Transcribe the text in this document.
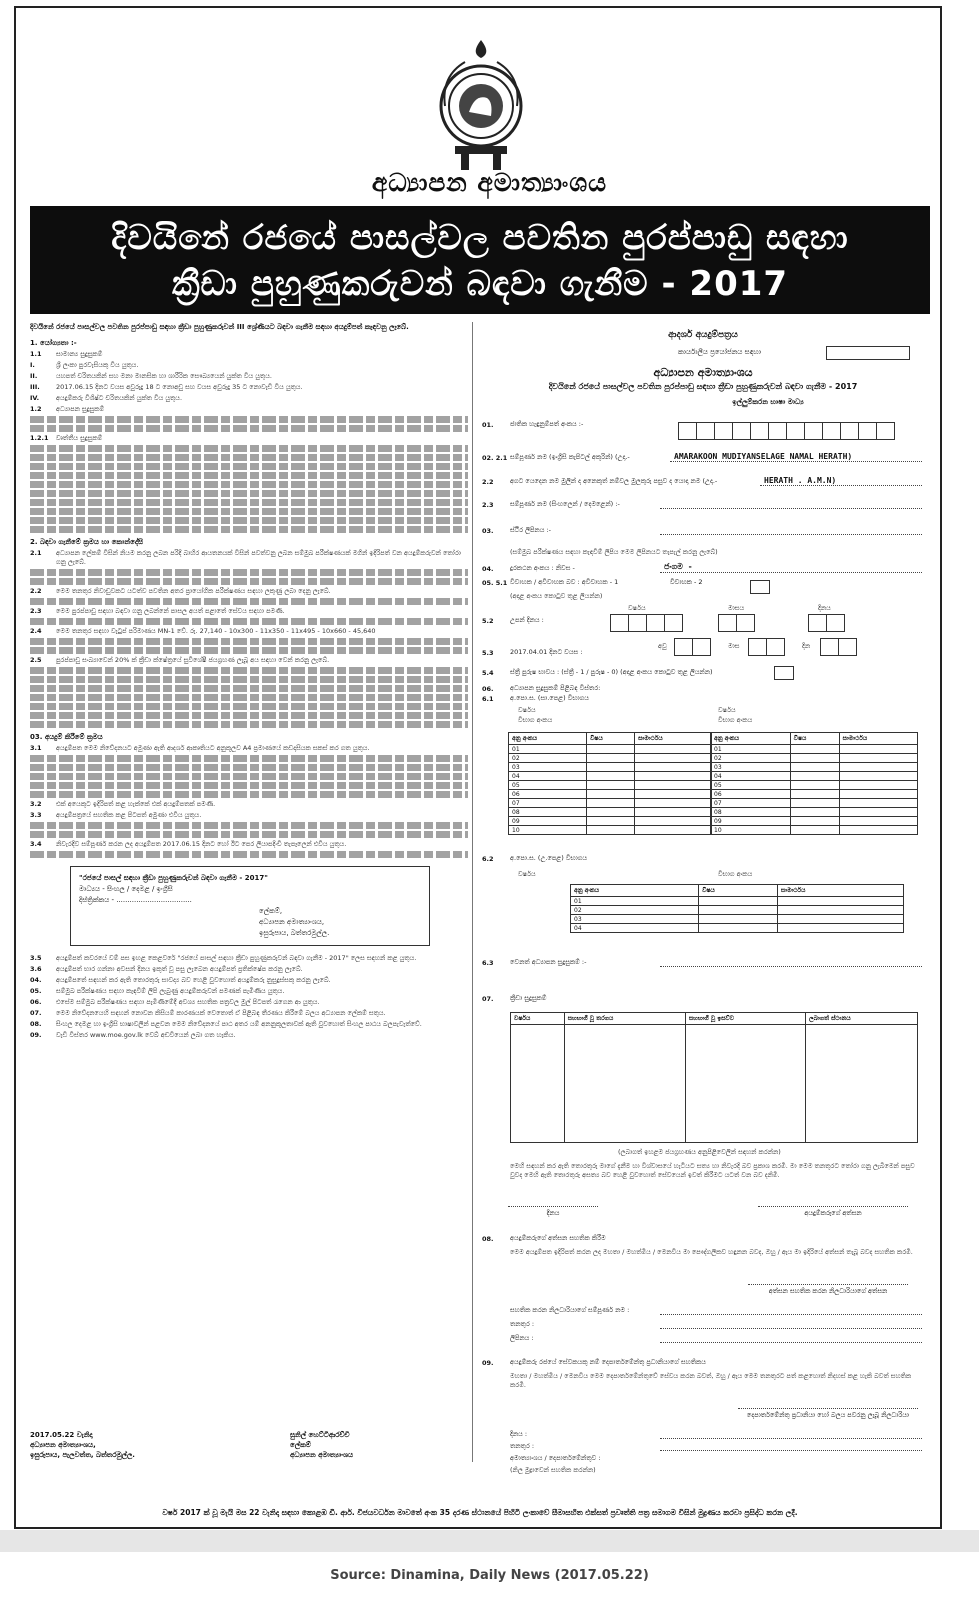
අධ්‍යාපන අමාත්‍යාංශය
දිවයිනේ රජයේ පාසල්වල පවතින පුරප්පාඩු සඳහා
ක්‍රීඩා පුහුණුකරුවන් බඳවා ගැනීම - 2017
දිවයිනේ රජයේ පාසල්වල පවතින පුරප්පාඩු සඳහා ක්‍රීඩා පුහුණුකරුවන් III ශ්‍රේණියට බඳවා ගැනීම සඳහා අයදුම්පත් කැඳවනු ලැබේ.
1. යෝග්‍යතා :-
1.1	සාමාන්‍ය සුදුසුකම්
I.	ශ්‍රී ලංකා පුරවැසියකු විය යුතුය.
II.	යහපත් චරිතයකින් සහ මනා මානසික හා ශාරීරික සෞඛ්‍යයෙන් යුක්ත විය යුතුය.
III.	2017.06.15 දිනට වයස අවුරුදු 18 ට නොඅඩු සහ වයස අවුරුදු 35 ට නොවැඩි විය යුතුය.
IV.	අයදුම්කරු විශිෂ්ට චරිතයකින් යුක්ත විය යුතුය.
1.2	අධ්‍යාපන සුදුසුකම්
1.2.1	වෘත්තීය සුදුසුකම්
2. බඳවා ගැනීමේ ක්‍රමය හා කොන්දේසි
2.1	අධ්‍යාපන ලේකම් විසින් නියම කරනු ලබන පරිදි බාහිර ආයතනයක් විසින් පවත්වනු ලබන සම්මුඛ පරීක්ෂණයක් මගින් ඉදිරිපත් වන අයදුම්කරුවන් තෝරා ගනු ලැබේ.
2.2	මෙම තනතුර නිවාඩුවකට යටත්ව පවතින අතර ප්‍රායෝගික පරීක්ෂණය සඳහා ලකුණු ලබා දෙනු ලැබේ.
2.3	මෙම පුරප්පාඩු සඳහා බඳවා ගනු ලබන්නේ පාසල අයත් පළාතේ සේවය සඳහා පමණි.
2.4	මෙම තනතුර සඳහා වැටුප් පරිමාණය MN-1 වේ. රු. 27,140 - 10x300 - 11x350 - 11x495 - 10x660 - 45,640
2.5	පුරප්පාඩු සංඛ්‍යාවෙන් 20% ක් ක්‍රීඩා ක්ෂේත්‍රයේ සුවිශේෂී ජයග්‍රහණ ලැබූ අය සඳහා වෙන් කරනු ලැබේ.
03. අයදුම් කිරීමේ ක්‍රමය
3.1	අයදුම්පත මෙම නිවේදනයට අමුණා ඇති ආදර්ශ ආකෘතියට අනුකූලව A4 ප්‍රමාණයේ කඩදාසියක සකස් කර ගත යුතුය.
3.2	එක් අයෙකුට ඉදිරිපත් කළ හැක්කේ එක් අයදුම්පතක් පමණි.
3.3	අයදුම්පත්‍රයේ සහතික කළ පිටපත් අමුණා එවිය යුතුය.
3.4	නිවැරදිව සම්පූර්ණ කරන ලද අයදුම්පත 2017.06.15 දිනට හෝ ඊට පෙර ලියාපදිංචි තැපෑලෙන් එවිය යුතුය.
"රජයේ පාසල් සඳහා ක්‍රීඩා පුහුණුකරුවන් බඳවා ගැනීම - 2017"
මාධ්‍යය - සිංහල / දෙමළ / ඉංග්‍රීසි
දිස්ත්‍රික්කය - ..................................
ලේකම්,
අධ්‍යාපන අමාත්‍යාංශය,
ඉසුරුපාය, බත්තරමුල්ල.
3.5	අයදුම්පත් කවරයේ වම් පස ඉහළ කෙළවරේ "රජයේ පාසල් සඳහා ක්‍රීඩා පුහුණුකරුවන් බඳවා ගැනීම - 2017" ලෙස සඳහන් කළ යුතුය.
3.6	අයදුම්පත් භාර ගන්නා අවසන් දිනය ඉකුත් වූ පසු ලැබෙන අයදුම්පත් ප්‍රතික්ෂේප කරනු ලැබේ.
04.	අයදුම්පතේ සඳහන් කර ඇති තොරතුරු සාවද්‍ය බව හෙළි වුවහොත් අයදුම්කරු නුසුදුස්සකු කරනු ලැබේ.
05.	සම්මුඛ පරීක්ෂණය සඳහා කැඳවීම් ලිපි ලැබුණු අයදුම්කරුවන් පමණක් පැමිණිය යුතුය.
06.	එසේම සම්මුඛ පරීක්ෂණය සඳහා පැමිණීමේදී අවශ්‍ය සහතික පත්‍රවල මුල් පිටපත් රැගෙන ආ යුතුය.
07.	මෙම නිවේදනයෙහි සඳහන් නොවන කිසියම් කාරණයක් වෙතොත් ඒ පිළිබඳ තීරණය කිරීමේ බලය අධ්‍යාපන ලේකම් සතුය.
08.	සිංහල දෙමළ හා ඉංග්‍රීසි භාෂාවලින් පළවන මෙම නිවේදනයේ පාඨ අතර යම් අනනුකූලතාවක් ඇති වුවහොත් සිංහල පාඨය බලපැවැත්වේ.
09.	වැඩි විස්තර www.moe.gov.lk වෙබ් අඩවියෙන් ලබා ගත හැකිය.
2017.05.22 වැනිදා
අධ්‍යාපන අමාත්‍යාංශය,
ඉසුරුපාය, පැලවත්ත, බත්තරමුල්ල.
සුනිල් හෙට්ටිආරච්චි
ලේකම්
අධ්‍යාපන අමාත්‍යාංශය
ආදර්ශ අයදුම්පත්‍රය
කාර්යාලීය ප්‍රයෝජනය සඳහා
අධ්‍යාපන අමාත්‍යාංශය
දිවයිනේ රජයේ පාසල්වල පවතින පුරප්පාඩු සඳහා ක්‍රීඩා පුහුණුකරුවන් බඳවා ගැනීම - 2017
ඉල්ලුම්කරන භාෂා මාධ්‍ය
01.	ජාතික හැඳුනුම්පත් අංකය :-
02. 2.1 සම්පූර්ණ නම (ඉංග්‍රීසි කැපිටල් අකුරින්) (උදා.-	AMARAKOON MUDIYANSELAGE NAMAL HERATH)
2.2	අගට යෙදෙන නම මුලින් ද අනෙකුත් නම්වල මුලකුරු පසුව ද යොදා නම (උදා.-	HERATH . A.M.N)
2.3	සම්පූර්ණ නම (සිංහලෙන් / දෙමළෙන්) :-
03.	ස්ථිර ලිපිනය :-
(සම්මුඛ පරීක්ෂණය සඳහා කැඳවීම් ලිපිය මෙම ලිපිනයට තැපැල් කරනු ලැබේ)
04.	දුරකථන අංකය : නිවස -	ජංගම -
05. 5.1 විවාහක / අවිවාහක බව : අවිවාහක - 1	විවාහක - 2
(අදාළ අංකය කොටුව තුළ ලියන්න)
5.2	උපන් දිනය :
වර්ෂය	මාසය	දිනය
5.3	2017.04.01 දිනට වයස :
අවු	මාස	දින
5.4	ස්ත්‍රී පුරුෂ භාවය : (ස්ත්‍රී - 1 / පුරුෂ - 0) (අදාළ අංකය කොටුව තුළ ලියන්න)
06.	අධ්‍යාපන සුදුසුකම් පිළිබඳ විස්තර:
6.1	අ.පො.ස. (සා.පෙළ) විභාගය
වර්ෂය
විභාග අංකය
වර්ෂය
විභාග අංකය
අනු අංකය	විෂය	සාමාර්ථය
01		
02		
03		
04		
05		
06		
07		
08		
09		
10		
අනු අංකය	විෂය	සාමාර්ථය
01		
02		
03		
04		
05		
06		
07		
08		
09		
10		
6.2	අ.පො.ස. (උ.පෙළ) විභාගය
වර්ෂය	විභාග අංකය
අනු අංකය	විෂය	සාමාර්ථය
01		
02		
03		
04		
6.3	වෙනත් අධ්‍යාපන සුදුසුකම් :-
07.	ක්‍රීඩා සුදුසුකම්
වර්ෂය	සහභාගී වූ තරගය	සහභාගී වූ ඉසව්ව	ලබාගත් ස්ථානය

(ලබාගත් ඉහළම ජයග්‍රහණය අනුපිළිවෙලින් සඳහන් කරන්න)
මෙහි සඳහන් කර ඇති තොරතුරු මාගේ දැනීම හා විශ්වාසයේ හැටියට සත්‍ය හා නිවැරදි බව ප්‍රකාශ කරමි. මා මෙම තනතුරට තෝරා ගනු ලැබීමෙන් පසුව වුවද මෙහි ඇති තොරතුරු අසත්‍ය බව හෙළි වුවහොත් සේවයෙන් ඉවත් කිරීමට යටත් වන බව දනිමි.
දිනය	අයදුම්කරුගේ අත්සන
08.	අයදුම්කරුගේ අත්සන සහතික කිරීම
මෙම අයදුම්පත ඉදිරිපත් කරන ලද මහතා / මහත්මිය / මෙනවිය මා පෞද්ගලිකව හඳුනන බවද, ඔහු / ඇය මා ඉදිරියේ අත්සන් තැබූ බවද සහතික කරමි.
අත්සන සහතික කරන නිලධාරියාගේ අත්සන
සහතික කරන නිලධාරියාගේ සම්පූර්ණ නම :
තනතුර :
ලිපිනය :
09.	අයදුම්කරු රජයේ සේවකයකු නම් දෙපාර්තමේන්තු ප්‍රධානියාගේ සහතිකය
මහතා / මහත්මිය / මෙනවිය මෙම දෙපාර්තමේන්තුවේ සේවය කරන බවත්, ඔහු / ඇය මෙම තනතුරට පත් කළහොත් නිදහස් කළ හැකි බවත් සහතික කරමි.
දෙපාර්තමේන්තු ප්‍රධානියා හෝ බලය පවරනු ලැබූ නිලධාරියා
දිනය :
තනතුර :
අමාත්‍යාංශය / දෙපාර්තමේන්තුව :
(නිල මුද්‍රාවෙන් සහතික කරන්න)
වර්ෂ 2017 ක් වූ මැයි මස 22 වැනිදා සඳහා කොළඹ ඩී. ආර්. විජයවර්ධන මාවතේ අංක 35 දරණ ස්ථානයේ පිහිටි ලංකාවේ සීමාසහිත එක්සත් ප්‍රවෘත්ති පත්‍ර සමාගම විසින් මුද්‍රණය කරවා ප්‍රසිද්ධ කරන ලදී.
Source: Dinamina, Daily News (2017.05.22)
